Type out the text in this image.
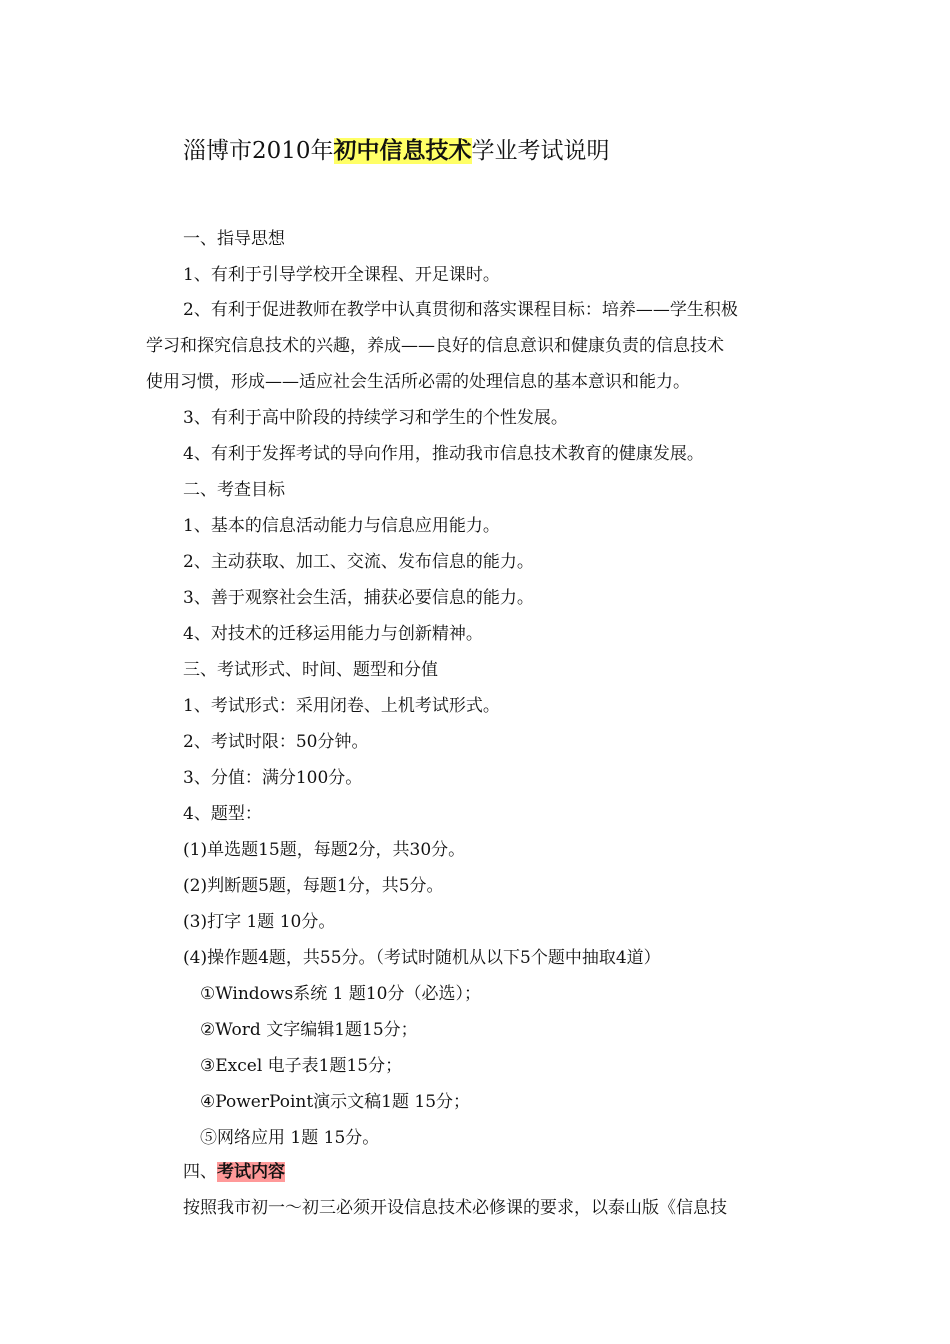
淄博市2010年初中信息技术学业考试说明
一、指导思想
1、有利于引导学校开全课程、开足课时。
2、有利于促进教师在教学中认真贯彻和落实课程目标：培养——学生积极
学习和探究信息技术的兴趣，养成——良好的信息意识和健康负责的信息技术
使用习惯，形成——适应社会生活所必需的处理信息的基本意识和能力。
3、有利于高中阶段的持续学习和学生的个性发展。
4、有利于发挥考试的导向作用，推动我市信息技术教育的健康发展。
二、考查目标
1、基本的信息活动能力与信息应用能力。
2、主动获取、加工、交流、发布信息的能力。
3、善于观察社会生活，捕获必要信息的能力。
4、对技术的迁移运用能力与创新精神。
三、考试形式、时间、题型和分值
1、考试形式：采用闭卷、上机考试形式。
2、考试时限：50分钟。
3、分值：满分100分。
4、题型：
(1)单选题15题，每题2分，共30分。
(2)判断题5题，每题1分，共5分。
(3)打字 1题 10分。
(4)操作题4题，共55分。（考试时随机从以下5个题中抽取4道）
①Windows系统 1 题10分（必选）；
②Word 文字编辑1题15分；
③Excel 电子表1题15分；
④PowerPoint演示文稿1题 15分；
⑤网络应用 1题 15分。
四、考试内容
按照我市初一～初三必须开设信息技术必修课的要求，以泰山版《信息技
